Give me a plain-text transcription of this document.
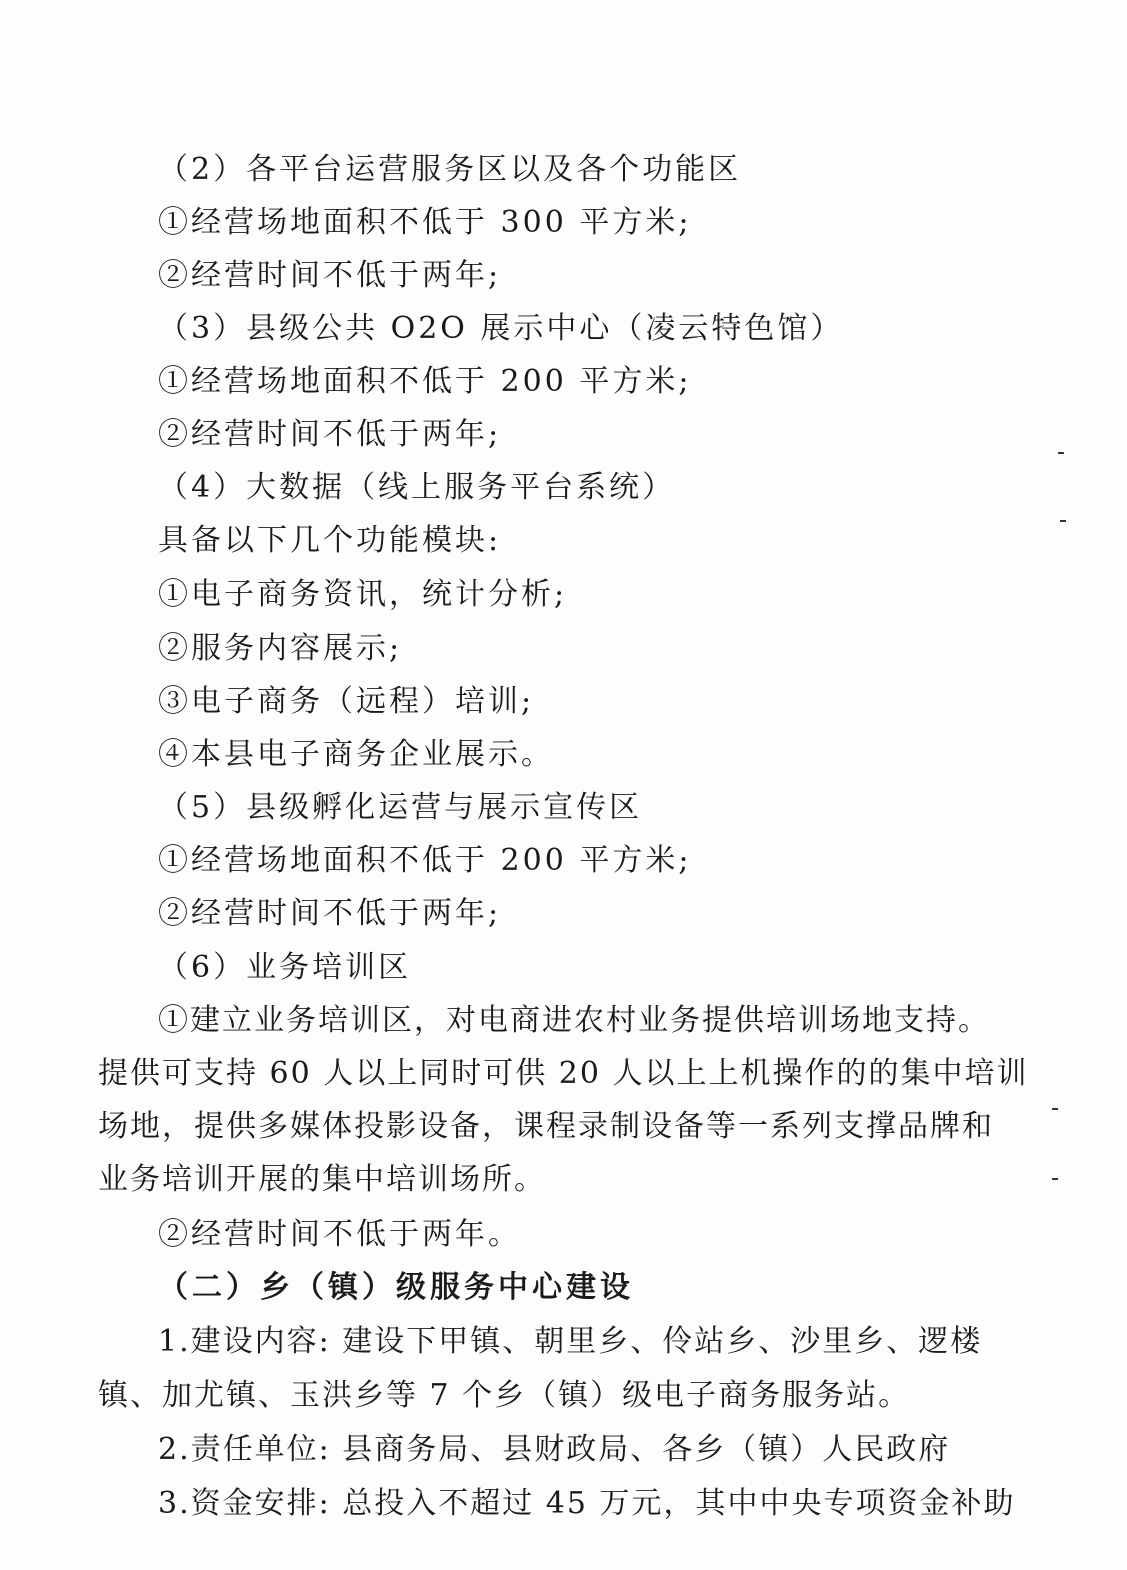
（2）各平台运营服务区以及各个功能区
①经营场地面积不低于 300 平方米;
②经营时间不低于两年;
（3）县级公共 O2O 展示中心（凌云特色馆）
①经营场地面积不低于 200 平方米;
②经营时间不低于两年;
（4）大数据（线上服务平台系统）
具备以下几个功能模块:
①电子商务资讯，统计分析;
②服务内容展示;
③电子商务（远程）培训;
④本县电子商务企业展示。
（5）县级孵化运营与展示宣传区
①经营场地面积不低于 200 平方米;
②经营时间不低于两年;
（6）业务培训区
①建立业务培训区，对电商进农村业务提供培训场地支持。
提供可支持 60 人以上同时可供 20 人以上上机操作的的集中培训
场地，提供多媒体投影设备，课程录制设备等一系列支撑品牌和
业务培训开展的集中培训场所。
②经营时间不低于两年。
（二）乡（镇）级服务中心建设
1.建设内容: 建设下甲镇、朝里乡、伶站乡、沙里乡、逻楼
镇、加尤镇、玉洪乡等 7 个乡（镇）级电子商务服务站。
2.责任单位: 县商务局、县财政局、各乡（镇）人民政府
3.资金安排: 总投入不超过 45 万元，其中中央专项资金补助
